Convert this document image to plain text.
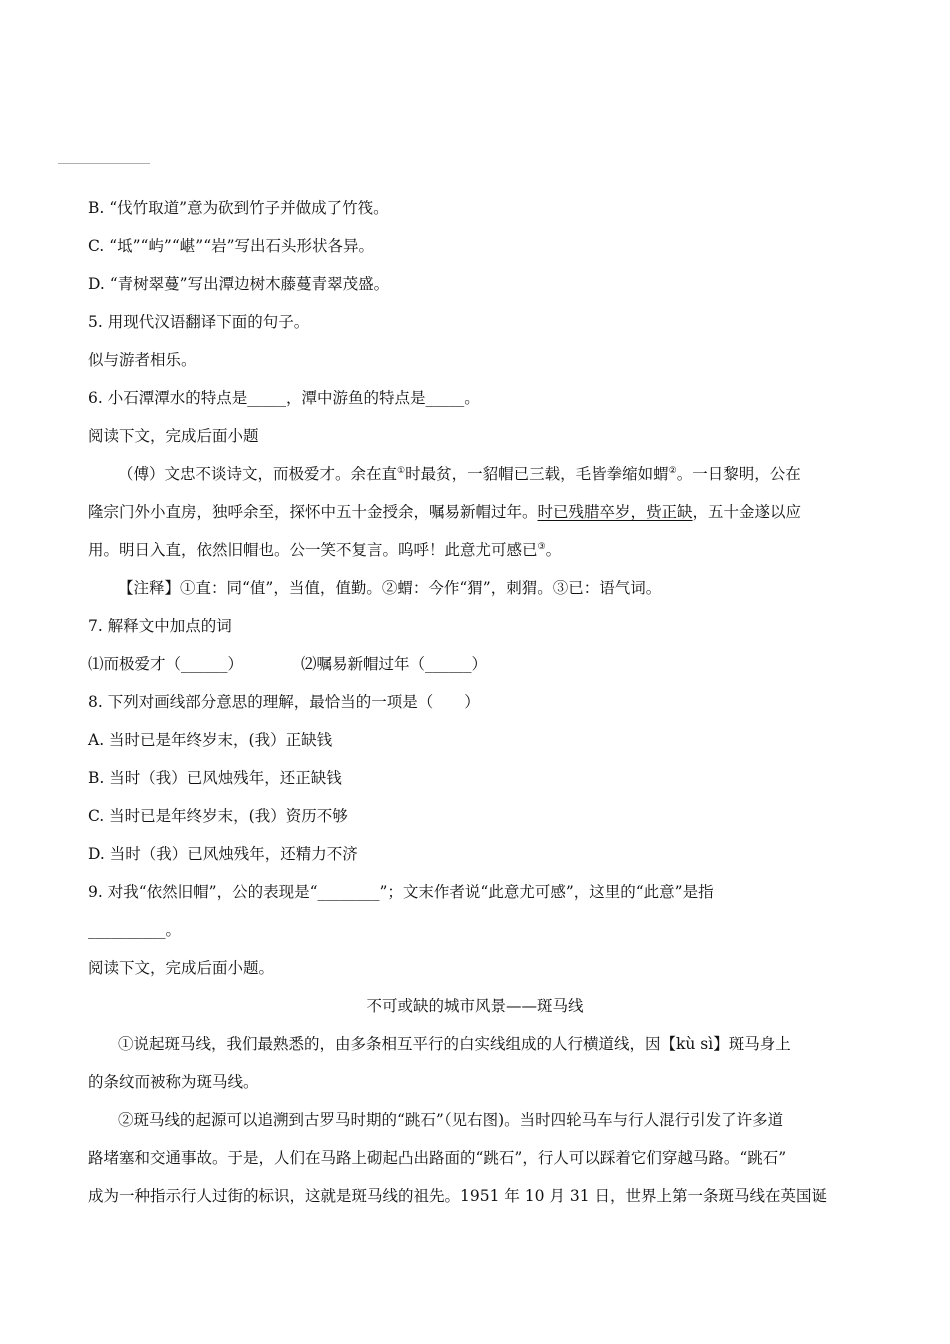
B. “伐竹取道”意为砍到竹子并做成了竹筏。
C. “坻”“屿”“嵁”“岩”写出石头形状各异。
D. “青树翠蔓”写出潭边树木藤蔓青翠茂盛。
5. 用现代汉语翻译下面的句子。
似与游者相乐。
6. 小石潭潭水的特点是_____，潭中游鱼的特点是_____。
阅读下文，完成后面小题
（傅）文忠不谈诗文，而极爱才。余在直①时最贫，一貂帽已三载，毛皆拳缩如蝟②。一日黎明，公在
隆宗门外小直房，独呼余至，探怀中五十金授余，嘱易新帽过年。时已残腊卒岁，赀正缺，五十金遂以应
用。明日入直，依然旧帽也。公一笑不复言。呜呼！此意尤可感已③。
【注释】①直：同“值”，当值，值勤。②蝟：今作“猬”，刺猬。③已：语气词。
7. 解释文中加点的词
⑴而极爱才（______）	⑵嘱易新帽过年（______）
8. 下列对画线部分意思的理解，最恰当的一项是（　　）
A. 当时已是年终岁末，(我）正缺钱
B. 当时（我）已风烛残年，还正缺钱
C. 当时已是年终岁末，(我）资历不够
D. 当时（我）已风烛残年，还精力不济
9. 对我“依然旧帽”，公的表现是“________”；文末作者说“此意尤可感”，这里的“此意”是指
__________。
阅读下文，完成后面小题。
不可或缺的城市风景——斑马线
①说起斑马线，我们最熟悉的，由多条相互平行的白实线组成的人行横道线，因【kù sì】斑马身上
的条纹而被称为斑马线。
②斑马线的起源可以追溯到古罗马时期的“跳石”（见右图)。当时四轮马车与行人混行引发了许多道
路堵塞和交通事故。于是，人们在马路上砌起凸出路面的“跳石”，行人可以踩着它们穿越马路。“跳石”
成为一种指示行人过街的标识，这就是斑马线的祖先。1951 年 10 月 31 日，世界上第一条斑马线在英国诞
